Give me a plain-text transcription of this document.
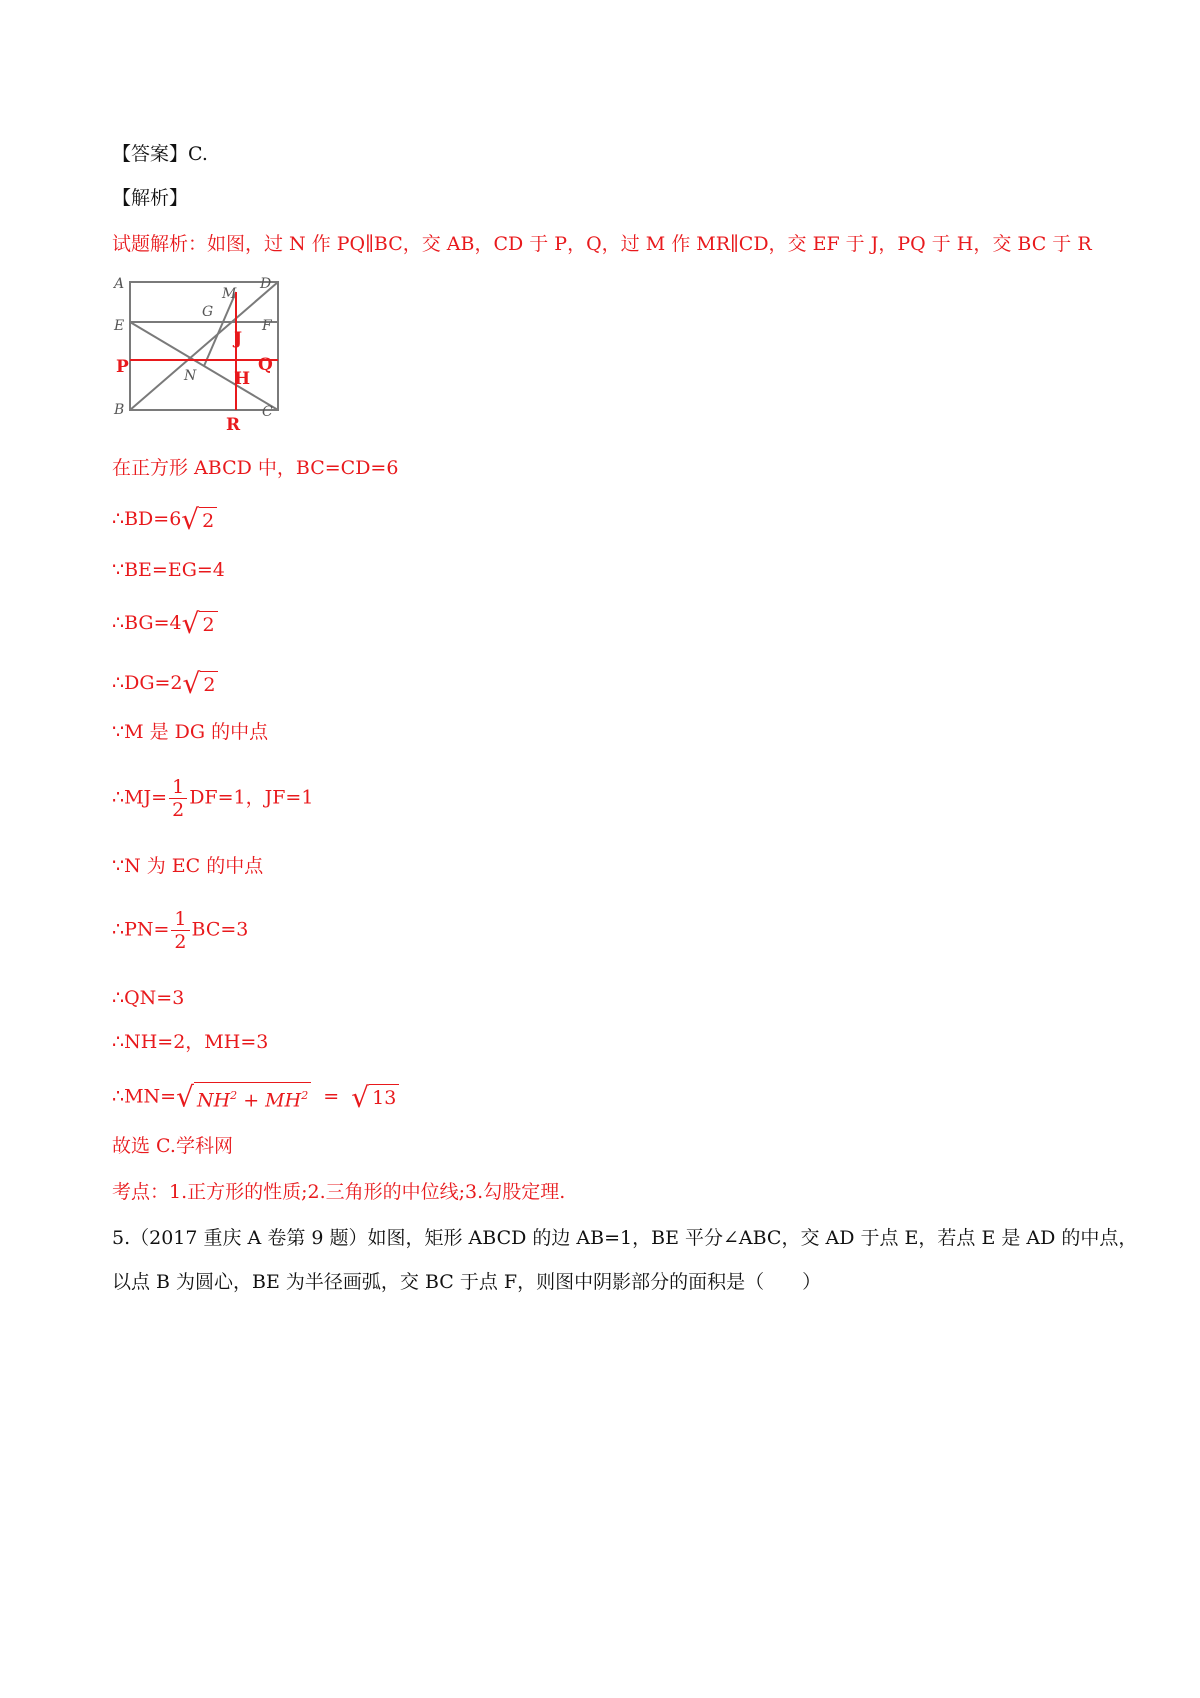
【答案】C.
【解析】
试题解析：如图，过 N 作 PQ∥BC，交 AB，CD 于 P，Q，过 M 作 MR∥CD，交 EF 于 J，PQ 于 H，交 BC 于 R
A	D
E	F
G
M
N
B	C
P	Q
J
H
R
在正方形 ABCD 中，BC=CD=6
∴BD=6√ 2
∵BE=EG=4
∴BG=4√ 2
∴DG=2√ 2
∵M 是 DG 的中点
∴MJ= $\frac{1}{2} DF=1$，JF=1
∵N 为 EC 的中点
∴PN= $\frac{1}{2} BC=3$
∴QN=3
∴NH=2，MH=3
∴MN=√ $NH^2 + MH^2$ = √ 13
故选 C.学科网
考点：1.正方形的性质;2.三角形的中位线;3.勾股定理.
5.（2017 重庆 A 卷第 9 题）如图，矩形 ABCD 的边 AB=1，BE 平分∠ABC，交 AD 于点 E，若点 E 是 AD 的中点，
以点 B 为圆心，BE 为半径画弧，交 BC 于点 F，则图中阴影部分的面积是（　　）
